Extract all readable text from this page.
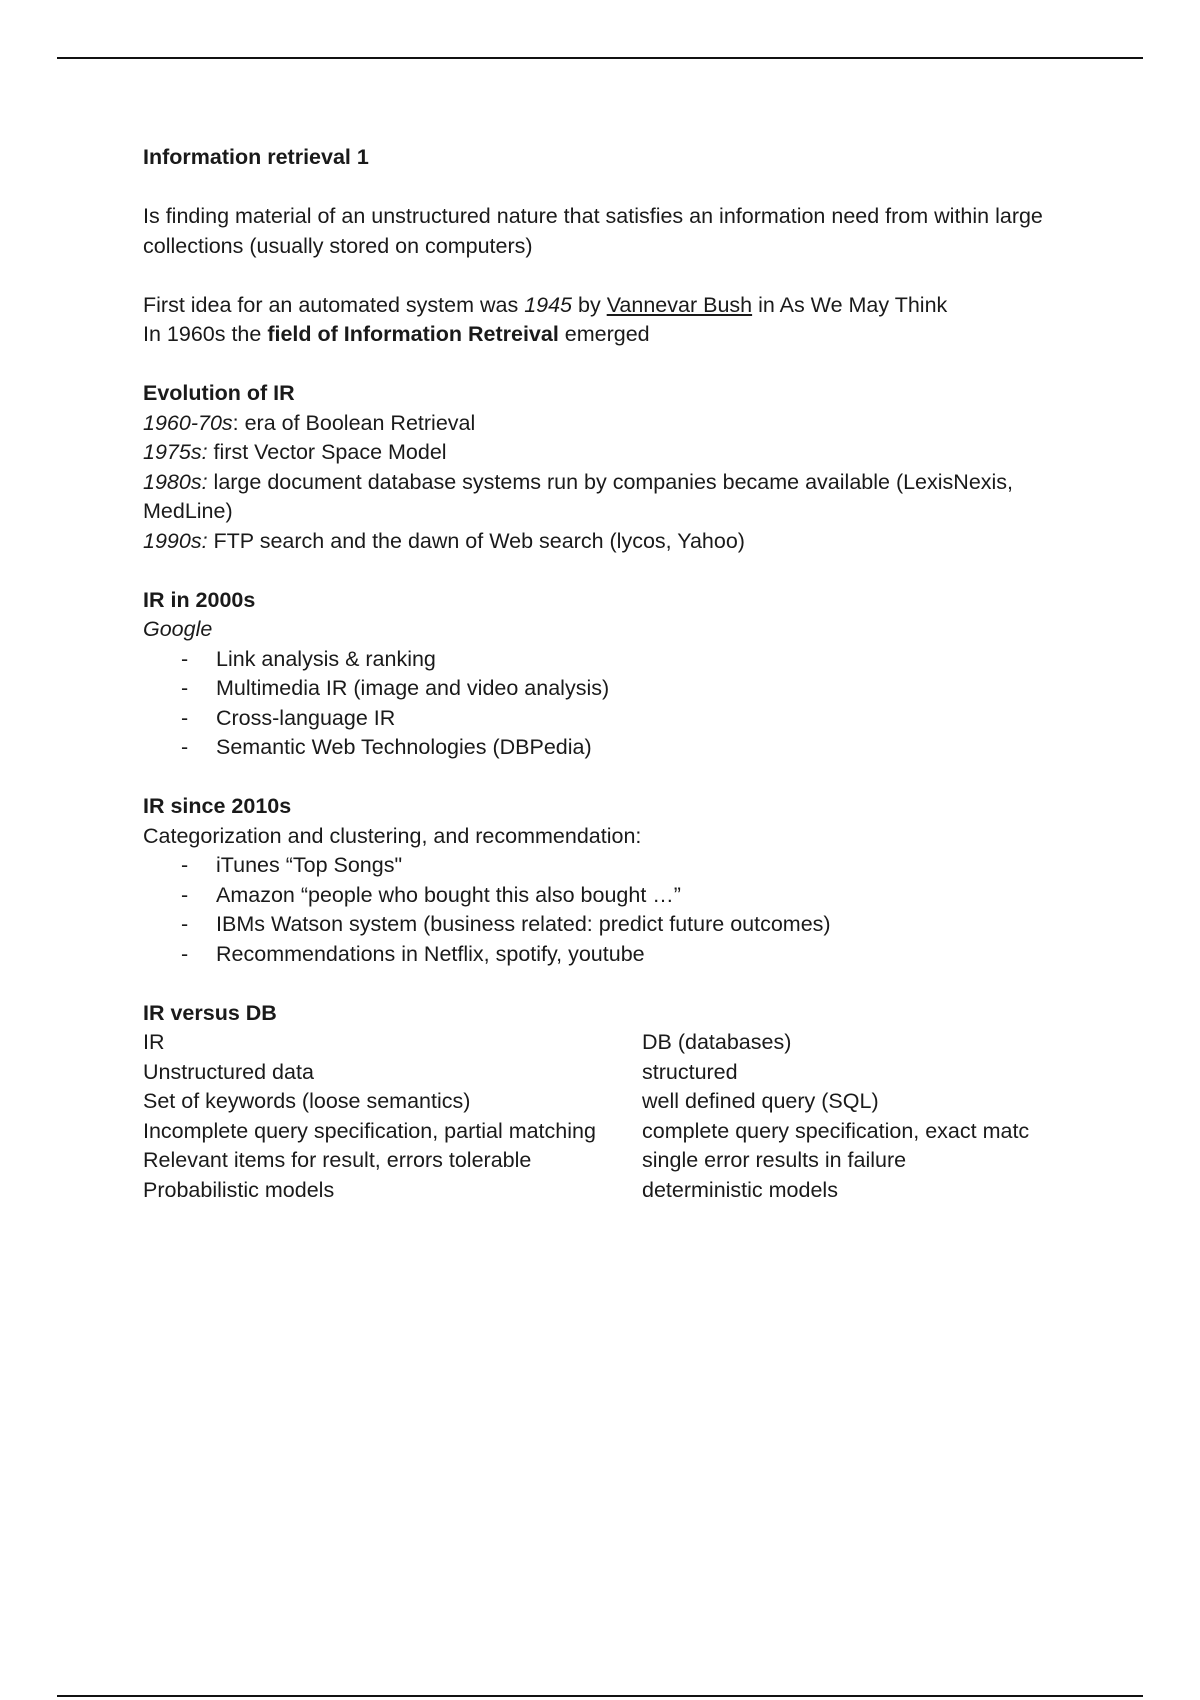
Information retrieval 1

Is finding material of an unstructured nature that satisfies an information need from within large collections (usually stored on computers)

First idea for an automated system was 1945 by Vannevar Bush in As We May Think

In 1960s the field of Information Retreival emerged

Evolution of IR

1960-70s: era of Boolean Retrieval

1975s: first Vector Space Model

1980s: large document database systems run by companies became available (LexisNexis, MedLine)

1990s: FTP search and the dawn of Web search (lycos, Yahoo)

IR in 2000s

Google

- Link analysis & ranking
- Multimedia IR (image and video analysis)
- Cross-language IR
- Semantic Web Technologies (DBPedia)

IR since 2010s

Categorization and clustering, and recommendation:

- iTunes “Top Songs"
- Amazon “people who bought this also bought …”
- IBMs Watson system (business related: predict future outcomes)
- Recommendations in Netflix, spotify, youtube

IR versus DB

IR	DB (databases)
Unstructured data	structured
Set of keywords (loose semantics)	well defined query (SQL)
Incomplete query specification, partial matching	complete query specification, exact matc
Relevant items for result, errors tolerable	single error results in failure
Probabilistic models	deterministic models
